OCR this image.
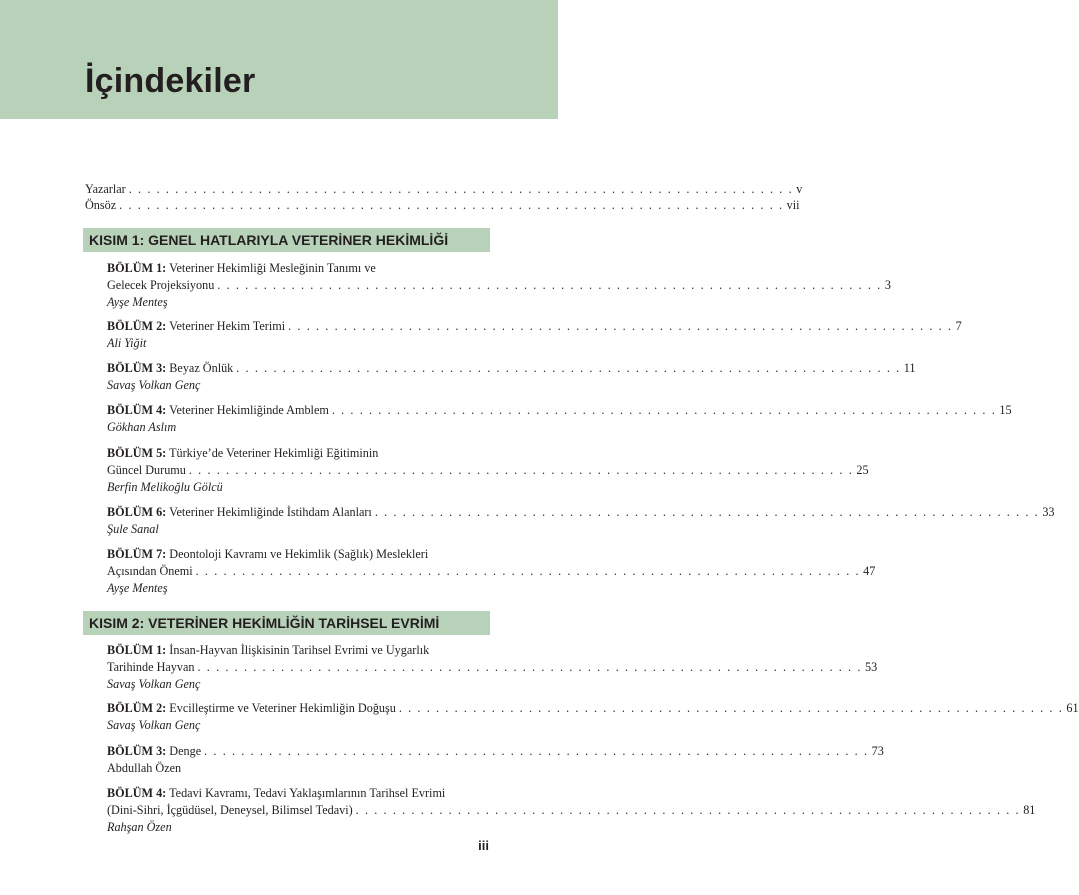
İçindekiler
Yazarlar . . . . . . . . . . . . . . . . . . . . . . . . . . . . . . . . . . . . . . . . . . . . . . . . . . . . . . . . . . . . . . . . . . . . . . . . v
Önsöz . . . . . . . . . . . . . . . . . . . . . . . . . . . . . . . . . . . . . . . . . . . . . . . . . . . . . . . . . . . . . . . . . . . . . . . . vii
KISIM 1: GENEL HATLARIYLA VETERİNER HEKİMLİĞİ
BÖLÜM 1: Veteriner Hekimliği Mesleğinin Tanımı ve
Gelecek Projeksiyonu . . . . . . . . . . . . . . . . . . . . . . . . . . . . . . . . . . . . . . . . . . . . . . . . . . . . . . . . . . . . . . . . . . . . . . . . 3
Ayşe Menteş
BÖLÜM 2: Veteriner Hekim Terimi . . . . . . . . . . . . . . . . . . . . . . . . . . . . . . . . . . . . . . . . . . . . . . . . . . . . . . . . . . . . . . . . . . . . . . . . 7
Ali Yiğit
BÖLÜM 3: Beyaz Önlük . . . . . . . . . . . . . . . . . . . . . . . . . . . . . . . . . . . . . . . . . . . . . . . . . . . . . . . . . . . . . . . . . . . . . . . . 11
Savaş Volkan Genç
BÖLÜM 4: Veteriner Hekimliğinde Amblem . . . . . . . . . . . . . . . . . . . . . . . . . . . . . . . . . . . . . . . . . . . . . . . . . . . . . . . . . . . . . . . . . . . . . . . . 15
Gökhan Aslım
BÖLÜM 5: Türkiye’de Veteriner Hekimliği Eğitiminin
Güncel Durumu . . . . . . . . . . . . . . . . . . . . . . . . . . . . . . . . . . . . . . . . . . . . . . . . . . . . . . . . . . . . . . . . . . . . . . . . 25
Berfin Melikoğlu Gölcü
BÖLÜM 6: Veteriner Hekimliğinde İstihdam Alanları . . . . . . . . . . . . . . . . . . . . . . . . . . . . . . . . . . . . . . . . . . . . . . . . . . . . . . . . . . . . . . . . . . . . . . . . 33
Şule Sanal
BÖLÜM 7: Deontoloji Kavramı ve Hekimlik (Sağlık) Meslekleri
Açısından Önemi . . . . . . . . . . . . . . . . . . . . . . . . . . . . . . . . . . . . . . . . . . . . . . . . . . . . . . . . . . . . . . . . . . . . . . . . 47
Ayşe Menteş
KISIM 2: VETERİNER HEKİMLİĞİN TARİHSEL EVRİMİ
BÖLÜM 1: İnsan-Hayvan İlişkisinin Tarihsel Evrimi ve Uygarlık
Tarihinde Hayvan . . . . . . . . . . . . . . . . . . . . . . . . . . . . . . . . . . . . . . . . . . . . . . . . . . . . . . . . . . . . . . . . . . . . . . . . 53
Savaş Volkan Genç
BÖLÜM 2: Evcilleştirme ve Veteriner Hekimliğin Doğuşu . . . . . . . . . . . . . . . . . . . . . . . . . . . . . . . . . . . . . . . . . . . . . . . . . . . . . . . . . . . . . . . . . . . . . . . . 61
Savaş Volkan Genç
BÖLÜM 3: Denge . . . . . . . . . . . . . . . . . . . . . . . . . . . . . . . . . . . . . . . . . . . . . . . . . . . . . . . . . . . . . . . . . . . . . . . . 73
Abdullah Özen
BÖLÜM 4: Tedavi Kavramı, Tedavi Yaklaşımlarının Tarihsel Evrimi
(Dini-Sihri, İçgüdüsel, Deneysel, Bilimsel Tedavi) . . . . . . . . . . . . . . . . . . . . . . . . . . . . . . . . . . . . . . . . . . . . . . . . . . . . . . . . . . . . . . . . . . . . . . . . 81
Rahşan Özen
iii
